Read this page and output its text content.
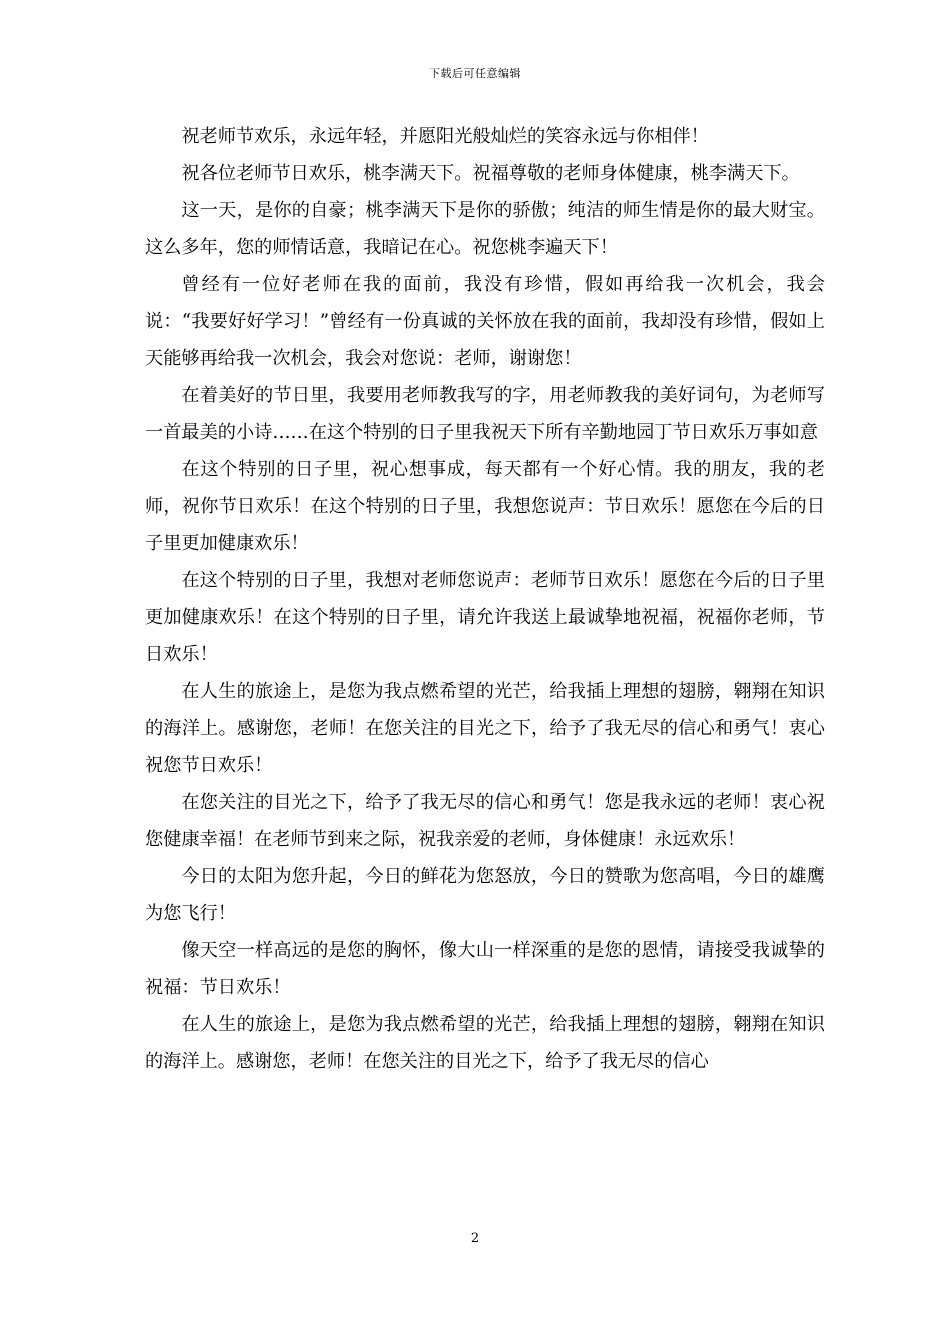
下载后可任意编辑

祝老师节欢乐，永远年轻，并愿阳光般灿烂的笑容永远与你相伴！

祝各位老师节日欢乐，桃李满天下。祝福尊敬的老师身体健康，桃李满天下。

这一天，是你的自豪；桃李满天下是你的骄傲；纯洁的师生情是你的最大财宝。这么多年，您的师情话意，我暗记在心。祝您桃李遍天下！

曾经有一位好老师在我的面前，我没有珍惜，假如再给我一次机会，我会说：“我要好好学习！”曾经有一份真诚的关怀放在我的面前，我却没有珍惜，假如上天能够再给我一次机会，我会对您说：老师，谢谢您！

在着美好的节日里，我要用老师教我写的字，用老师教我的美好词句，为老师写一首最美的小诗……在这个特别的日子里我祝天下所有辛勤地园丁节日欢乐万事如意

在这个特别的日子里，祝心想事成，每天都有一个好心情。我的朋友，我的老师，祝你节日欢乐！在这个特别的日子里，我想您说声：节日欢乐！愿您在今后的日子里更加健康欢乐！

在这个特别的日子里，我想对老师您说声：老师节日欢乐！愿您在今后的日子里更加健康欢乐！在这个特别的日子里，请允许我送上最诚挚地祝福，祝福你老师，节日欢乐！

在人生的旅途上，是您为我点燃希望的光芒，给我插上理想的翅膀，翱翔在知识的海洋上。感谢您，老师！在您关注的目光之下，给予了我无尽的信心和勇气！衷心祝您节日欢乐！

在您关注的目光之下，给予了我无尽的信心和勇气！您是我永远的老师！衷心祝您健康幸福！在老师节到来之际，祝我亲爱的老师，身体健康！永远欢乐！

今日的太阳为您升起，今日的鲜花为您怒放，今日的赞歌为您高唱，今日的雄鹰为您飞行！

像天空一样高远的是您的胸怀，像大山一样深重的是您的恩情，请接受我诚挚的祝福：节日欢乐！

在人生的旅途上，是您为我点燃希望的光芒，给我插上理想的翅膀，翱翔在知识的海洋上。感谢您，老师！在您关注的目光之下，给予了我无尽的信心

2
